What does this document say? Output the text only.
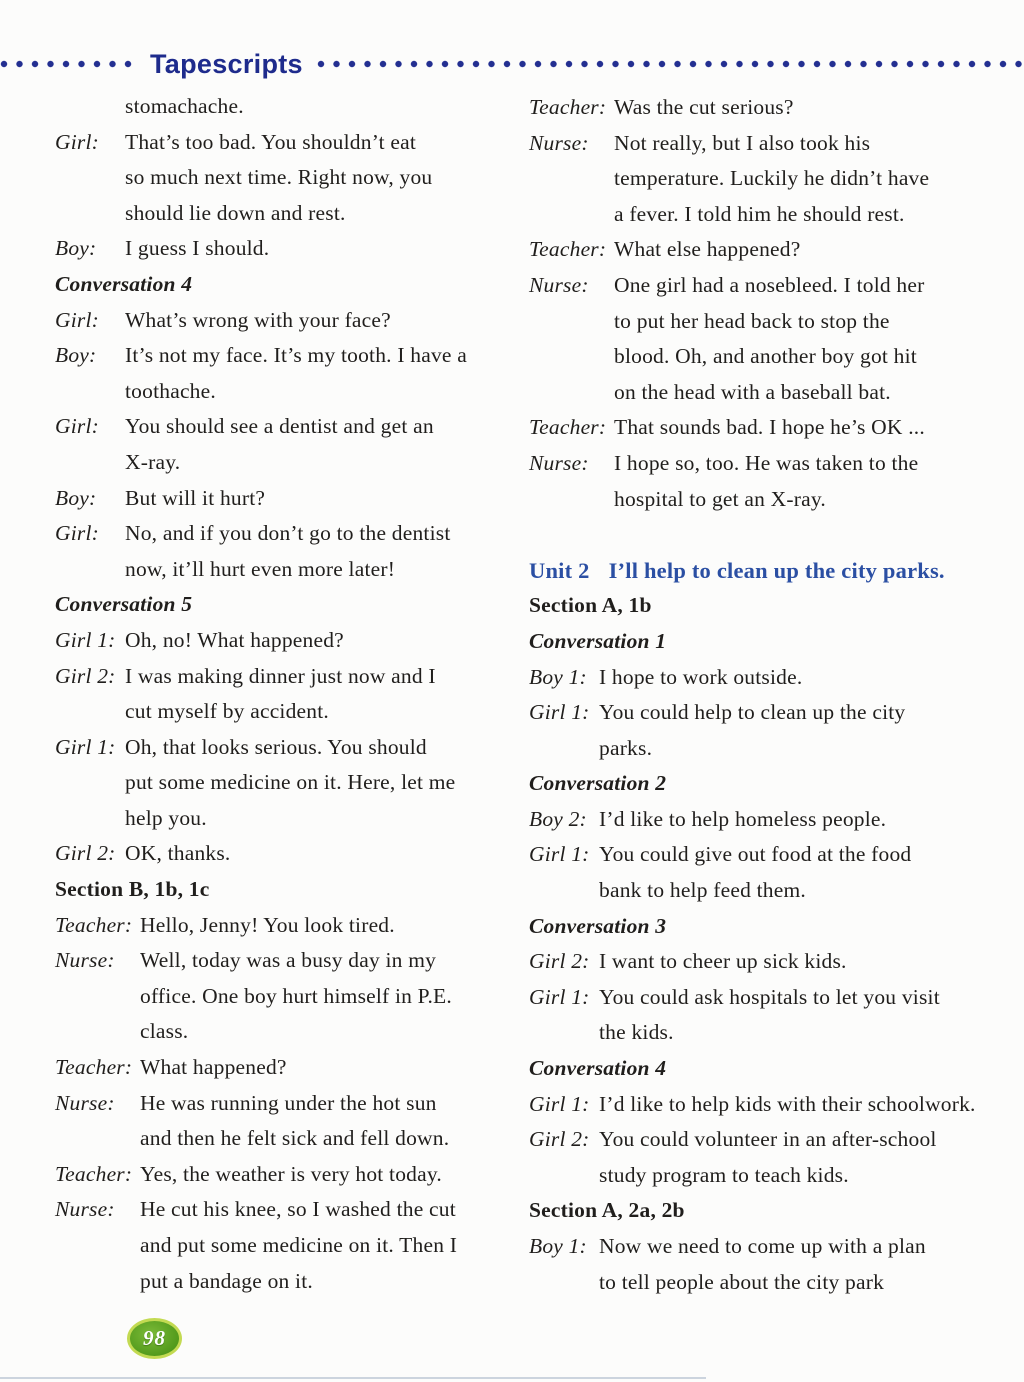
Tapescripts
stomachache.
Girl: That’s too bad. You shouldn’t eat
so much next time. Right now, you
should lie down and rest.
Boy: I guess I should.
Conversation 4
Girl: What’s wrong with your face?
Boy: It’s not my face. It’s my tooth. I have a
toothache.
Girl: You should see a dentist and get an
X-ray.
Boy: But will it hurt?
Girl: No, and if you don’t go to the dentist
now, it’ll hurt even more later!
Conversation 5
Girl 1: Oh, no! What happened?
Girl 2: I was making dinner just now and I
cut myself by accident.
Girl 1: Oh, that looks serious. You should
put some medicine on it. Here, let me
help you.
Girl 2: OK, thanks.
Section B, 1b, 1c
Teacher: Hello, Jenny! You look tired.
Nurse: Well, today was a busy day in my
office. One boy hurt himself in P.E.
class.
Teacher: What happened?
Nurse: He was running under the hot sun
and then he felt sick and fell down.
Teacher: Yes, the weather is very hot today.
Nurse: He cut his knee, so I washed the cut
and put some medicine on it. Then I
put a bandage on it.
Teacher: Was the cut serious?
Nurse: Not really, but I also took his
temperature. Luckily he didn’t have
a fever. I told him he should rest.
Teacher: What else happened?
Nurse: One girl had a nosebleed. I told her
to put her head back to stop the
blood. Oh, and another boy got hit
on the head with a baseball bat.
Teacher: That sounds bad. I hope he’s OK ...
Nurse: I hope so, too. He was taken to the
hospital to get an X-ray.
Unit 2 I’ll help to clean up the city parks.
Section A, 1b
Conversation 1
Boy 1: I hope to work outside.
Girl 1: You could help to clean up the city
parks.
Conversation 2
Boy 2: I’d like to help homeless people.
Girl 1: You could give out food at the food
bank to help feed them.
Conversation 3
Girl 2: I want to cheer up sick kids.
Girl 1: You could ask hospitals to let you visit
the kids.
Conversation 4
Girl 1: I’d like to help kids with their schoolwork.
Girl 2: You could volunteer in an after-school
study program to teach kids.
Section A, 2a, 2b
Boy 1: Now we need to come up with a plan
to tell people about the city park
98
